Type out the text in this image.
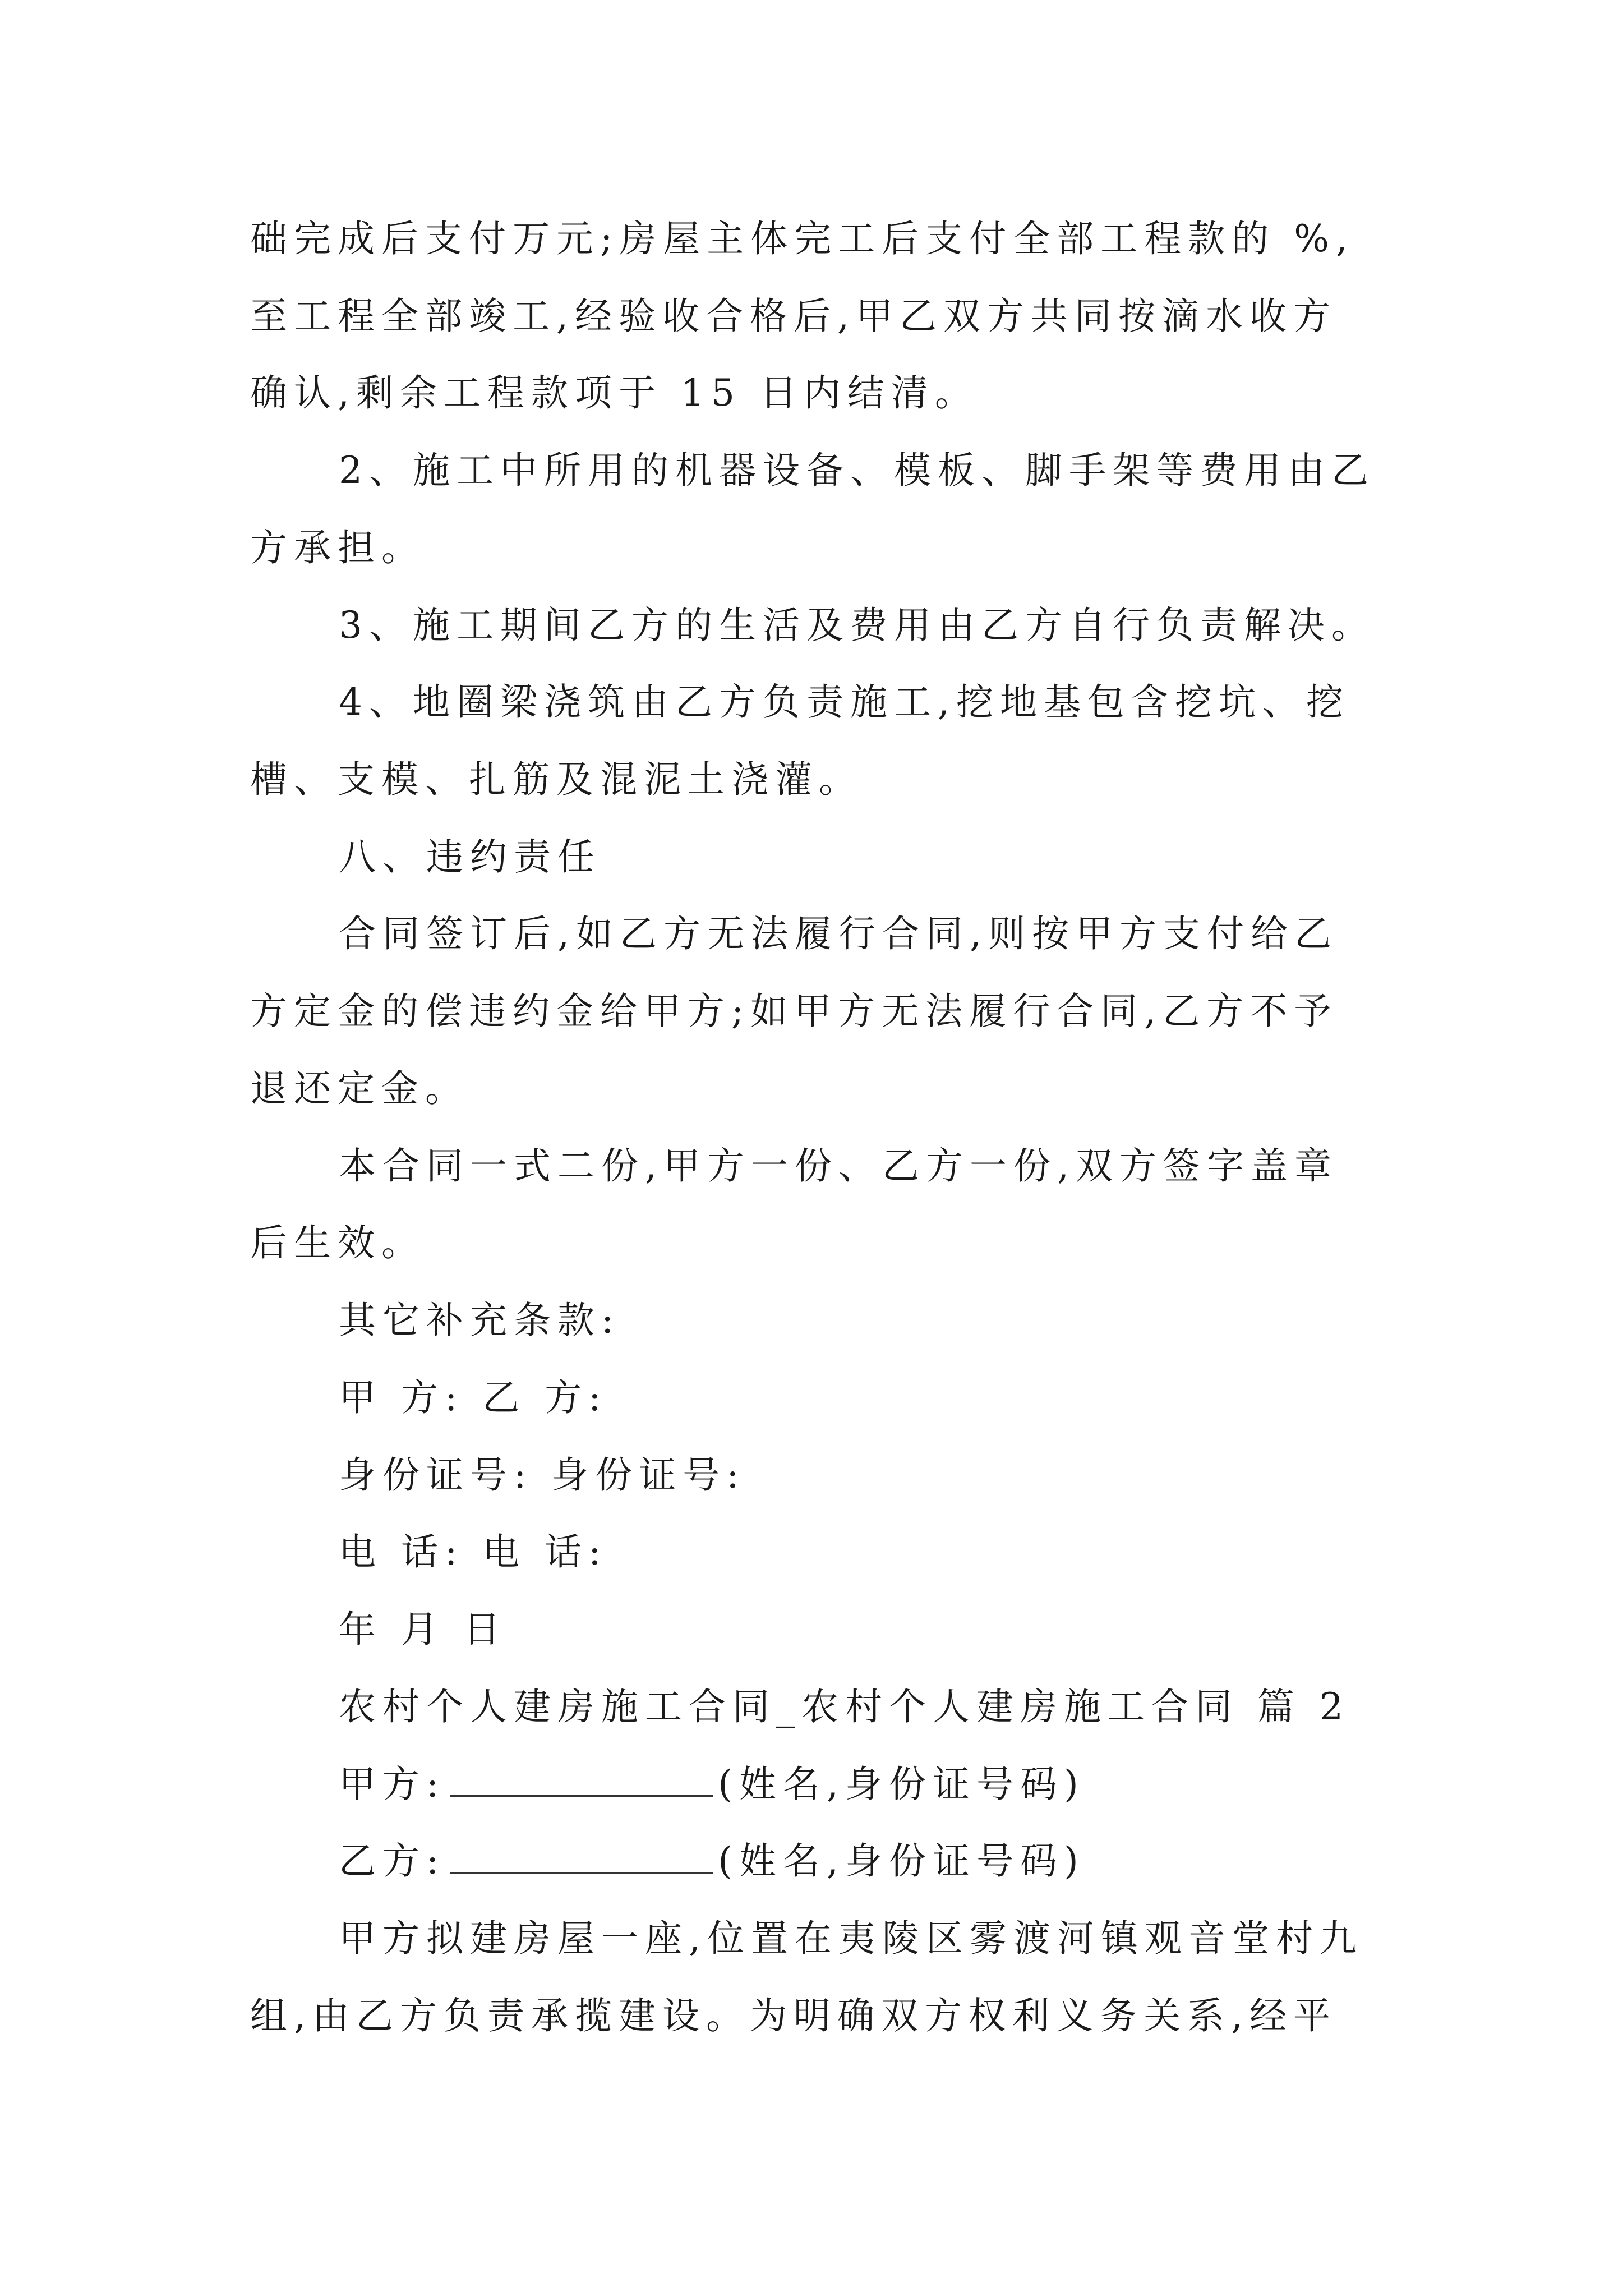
础完成后支付万元;房屋主体完工后支付全部工程款的 %,

至工程全部竣工,经验收合格后,甲乙双方共同按滴水收方

确认,剩余工程款项于 15 日内结清。

2、施工中所用的机器设备、模板、脚手架等费用由乙

方承担。

3、施工期间乙方的生活及费用由乙方自行负责解决。

4、地圈梁浇筑由乙方负责施工,挖地基包含挖坑、挖

槽、支模、扎筋及混泥土浇灌。

八、违约责任

合同签订后,如乙方无法履行合同,则按甲方支付给乙

方定金的偿违约金给甲方;如甲方无法履行合同,乙方不予

退还定金。

本合同一式二份,甲方一份、乙方一份,双方签字盖章

后生效。

其它补充条款:

甲 方: 乙 方:

身份证号: 身份证号:

电 话: 电 话:

年 月 日

农村个人建房施工合同_农村个人建房施工合同 篇 2

甲方:	(姓名,身份证号码)

乙方:	(姓名,身份证号码)

甲方拟建房屋一座,位置在夷陵区雾渡河镇观音堂村九

组,由乙方负责承揽建设。为明确双方权利义务关系,经平
